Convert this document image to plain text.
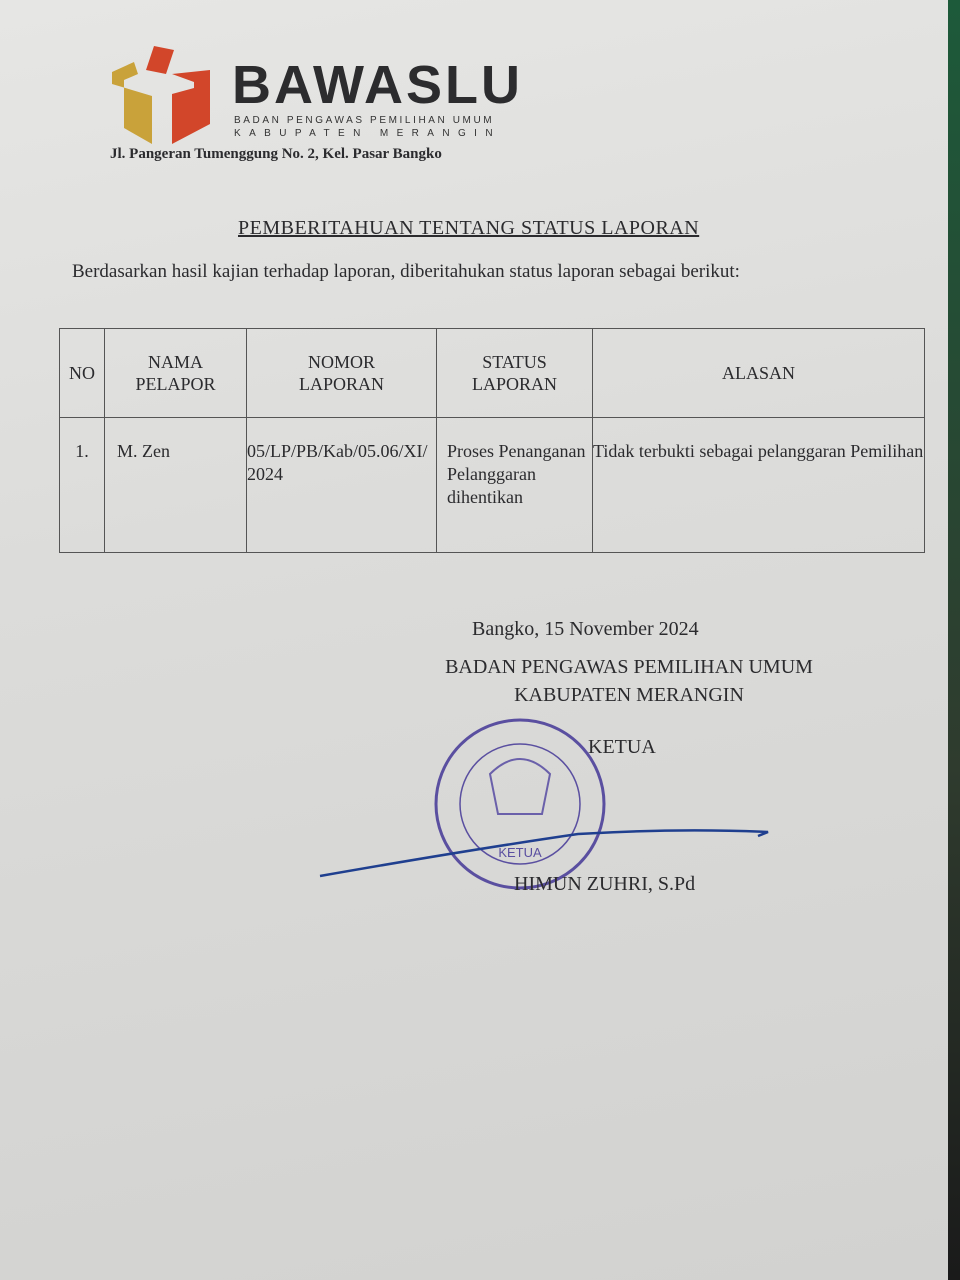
BAWASLU
BADAN PENGAWAS PEMILIHAN UMUM
KABUPATEN MERANGIN
Jl. Pangeran Tumenggung No. 2, Kel. Pasar Bangko
PEMBERITAHUAN TENTANG STATUS LAPORAN
Berdasarkan hasil kajian terhadap laporan, diberitahukan status laporan sebagai berikut:
NO	NAMA PELAPOR	NOMOR LAPORAN	STATUS LAPORAN	ALASAN
1.	M. Zen	05/LP/PB/Kab/05.06/XI/2024	Proses Penanganan Pelanggaran dihentikan	Tidak terbukti sebagai pelanggaran Pemilihan
Bangko, 15 November 2024
BADAN PENGAWAS PEMILIHAN UMUM
KABUPATEN MERANGIN
KETUA
KETUA
HIMUN ZUHRI, S.Pd
